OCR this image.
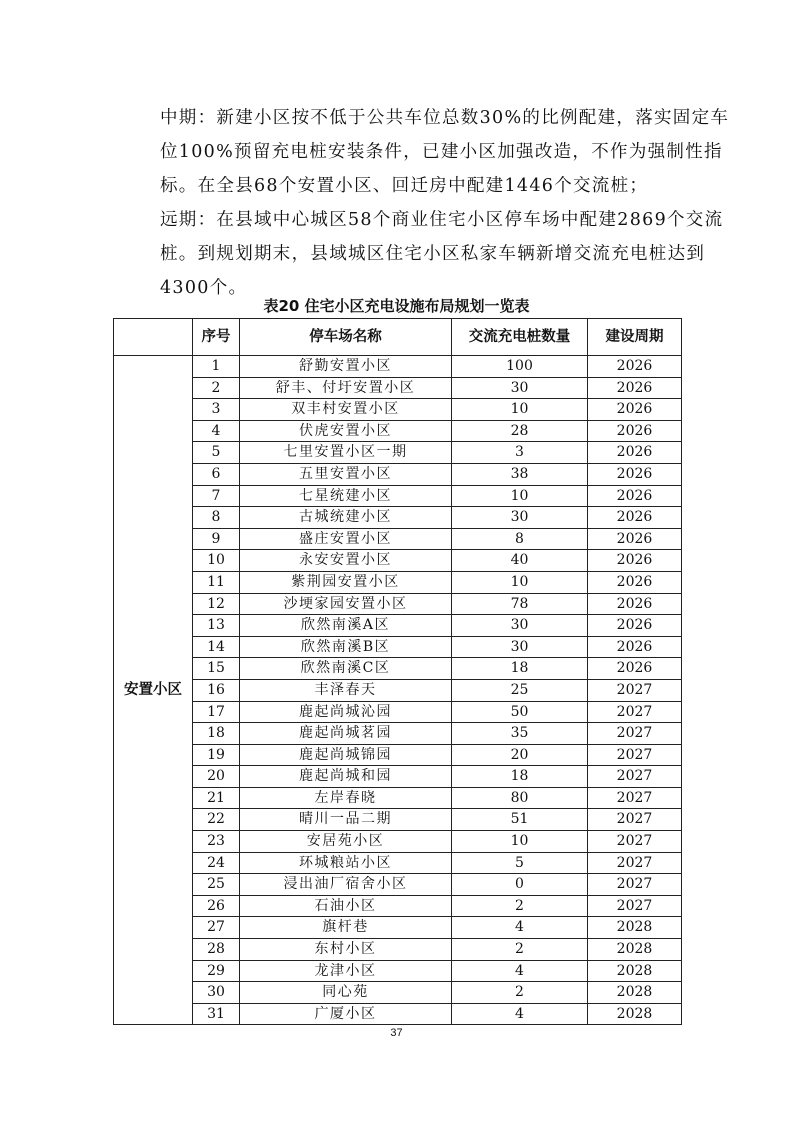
中期：新建小区按不低于公共车位总数30%的比例配建，落实固定车位100%预留充电桩安装条件，已建小区加强改造，不作为强制性指标。在全县68个安置小区、回迁房中配建1446个交流桩；

远期：在县域中心城区58个商业住宅小区停车场中配建2869个交流桩。到规划期末，县域城区住宅小区私家车辆新增交流充电桩达到4300个。

表20 住宅小区充电设施布局规划一览表

	序号	停车场名称	交流充电桩数量	建设周期
安置小区	1	舒勤安置小区	100	2026
	2	舒丰、付圩安置小区	30	2026
	3	双丰村安置小区	10	2026
	4	伏虎安置小区	28	2026
	5	七里安置小区一期	3	2026
	6	五里安置小区	38	2026
	7	七星统建小区	10	2026
	8	古城统建小区	30	2026
	9	盛庄安置小区	8	2026
	10	永安安置小区	40	2026
	11	紫荆园安置小区	10	2026
	12	沙埂家园安置小区	78	2026
	13	欣然南溪A区	30	2026
	14	欣然南溪B区	30	2026
	15	欣然南溪C区	18	2026
	16	丰泽春天	25	2027
	17	鹿起尚城沁园	50	2027
	18	鹿起尚城茗园	35	2027
	19	鹿起尚城锦园	20	2027
	20	鹿起尚城和园	18	2027
	21	左岸春晓	80	2027
	22	晴川一品二期	51	2027
	23	安居苑小区	10	2027
	24	环城粮站小区	5	2027
	25	浸出油厂宿舍小区	0	2027
	26	石油小区	2	2027
	27	旗杆巷	4	2028
	28	东村小区	2	2028
	29	龙津小区	4	2028
	30	同心苑	2	2028
	31	广厦小区	4	2028
37
